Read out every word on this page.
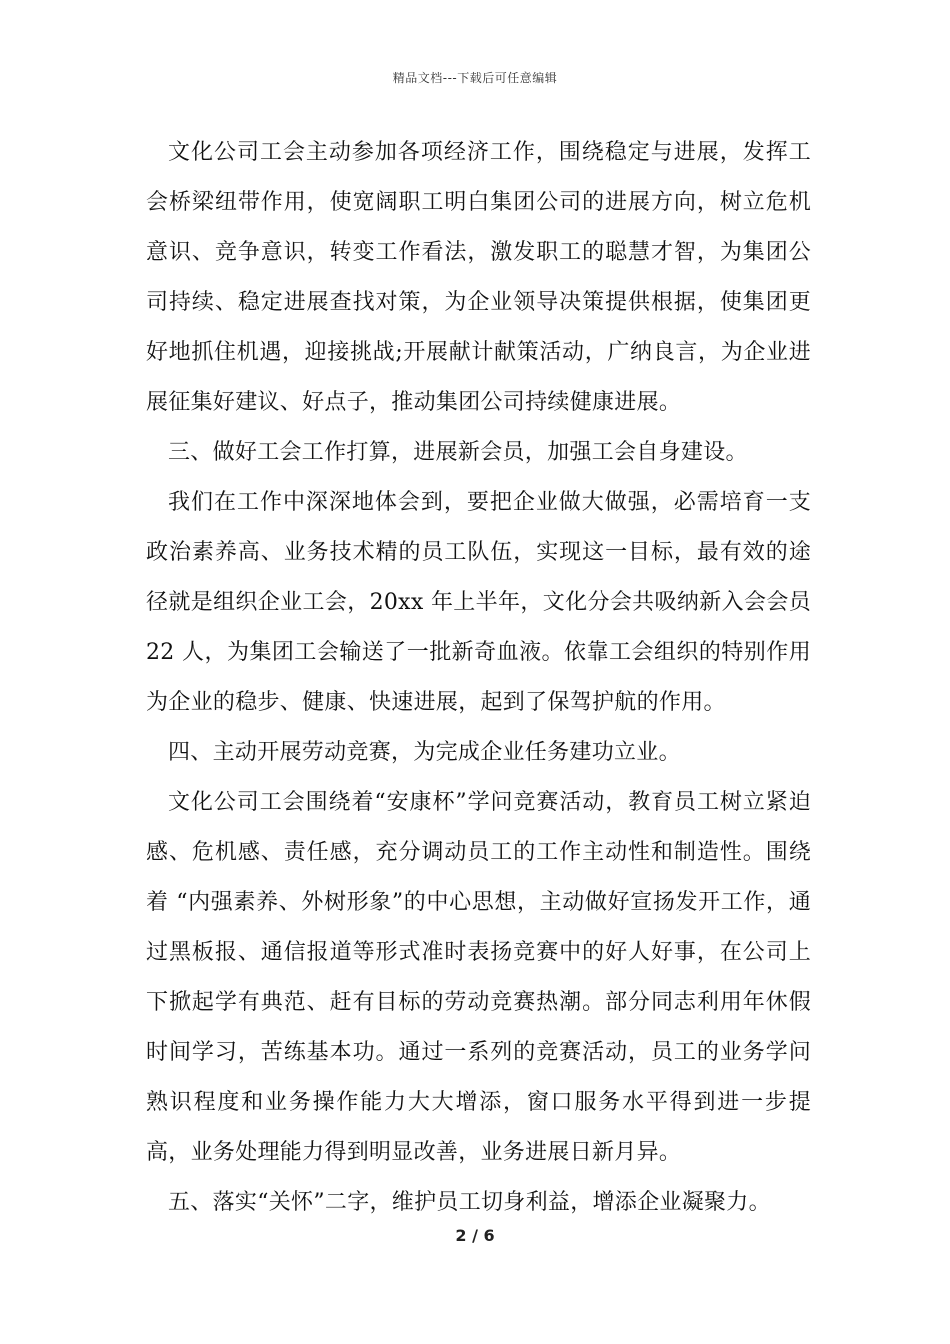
精品文档---下载后可任意编辑

文化公司工会主动参加各项经济工作，围绕稳定与进展，发挥工会桥梁纽带作用，使宽阔职工明白集团公司的进展方向，树立危机意识、竞争意识，转变工作看法，激发职工的聪慧才智，为集团公司持续、稳定进展查找对策，为企业领导决策提供根据，使集团更好地抓住机遇，迎接挑战;开展献计献策活动，广纳良言，为企业进展征集好建议、好点子，推动集团公司持续健康进展。

三、做好工会工作打算，进展新会员，加强工会自身建设。

我们在工作中深深地体会到，要把企业做大做强，必需培育一支政治素养高、业务技术精的员工队伍，实现这一目标，最有效的途径就是组织企业工会，20xx 年上半年，文化分会共吸纳新入会会员 22 人，为集团工会输送了一批新奇血液。依靠工会组织的特别作用为企业的稳步、健康、快速进展，起到了保驾护航的作用。

四、主动开展劳动竞赛，为完成企业任务建功立业。

文化公司工会围绕着“安康杯”学问竞赛活动，教育员工树立紧迫感、危机感、责任感，充分调动员工的工作主动性和制造性。围绕着 “内强素养、外树形象”的中心思想，主动做好宣扬发开工作，通过黑板报、通信报道等形式准时表扬竞赛中的好人好事，在公司上下掀起学有典范、赶有目标的劳动竞赛热潮。部分同志利用年休假时间学习，苦练基本功。通过一系列的竞赛活动，员工的业务学问熟识程度和业务操作能力大大增添，窗口服务水平得到进一步提高，业务处理能力得到明显改善，业务进展日新月异。

五、落实“关怀”二字，维护员工切身利益，增添企业凝聚力。

2 / 6
